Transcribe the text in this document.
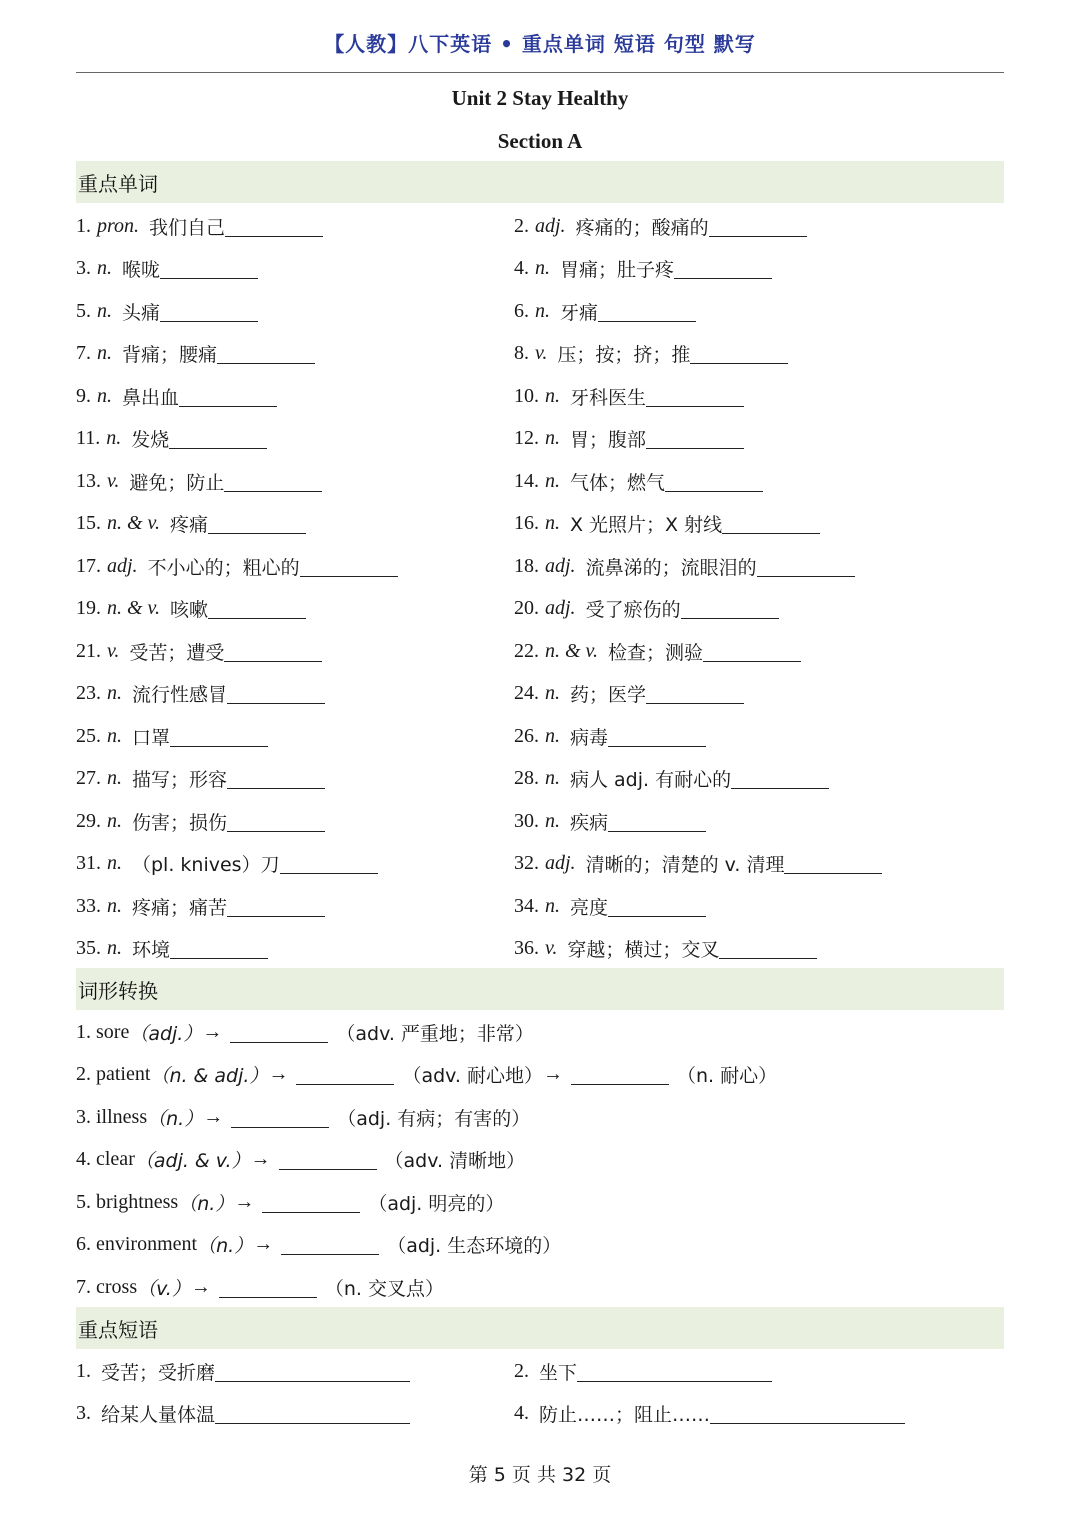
【人教】八下英语 • 重点单词 短语 句型 默写
Unit 2 Stay Healthy
Section A
重点单词
1. pron. 我们自己	2. adj. 疼痛的；酸痛的
3. n. 喉咙	4. n. 胃痛；肚子疼
5. n. 头痛	6. n. 牙痛
7. n. 背痛；腰痛	8. v. 压；按；挤；推
9. n. 鼻出血	10. n. 牙科医生
11. n. 发烧	12. n. 胃；腹部
13. v. 避免；防止	14. n. 气体；燃气
15. n. & v. 疼痛	16. n. X 光照片；X 射线
17. adj. 不小心的；粗心的	18. adj. 流鼻涕的；流眼泪的
19. n. & v. 咳嗽	20. adj. 受了瘀伤的
21. v. 受苦；遭受	22. n. & v. 检查；测验
23. n. 流行性感冒	24. n. 药；医学
25. n. 口罩	26. n. 病毒
27. n. 描写；形容	28. n. 病人 adj. 有耐心的
29. n. 伤害；损伤	30. n. 疾病
31. n. （pl. knives）刀	32. adj. 清晰的；清楚的 v. 清理
33. n. 疼痛；痛苦	34. n. 亮度
35. n. 环境	36. v. 穿越；横过；交叉
词形转换
1. sore （adj.） →	（adv. 严重地；非常）
2. patient （n. & adj.） →	（adv. 耐心地） →	（n. 耐心）
3. illness （n.） →	（adj. 有病；有害的）
4. clear （adj. & v.） →	（adv. 清晰地）
5. brightness （n.） →	（adj. 明亮的）
6. environment （n.） →	（adj. 生态环境的）
7. cross （v.） →	（n. 交叉点）
重点短语
1. 受苦；受折磨	2. 坐下
3. 给某人量体温	4. 防止……；阻止……
第 5 页 共 32 页
